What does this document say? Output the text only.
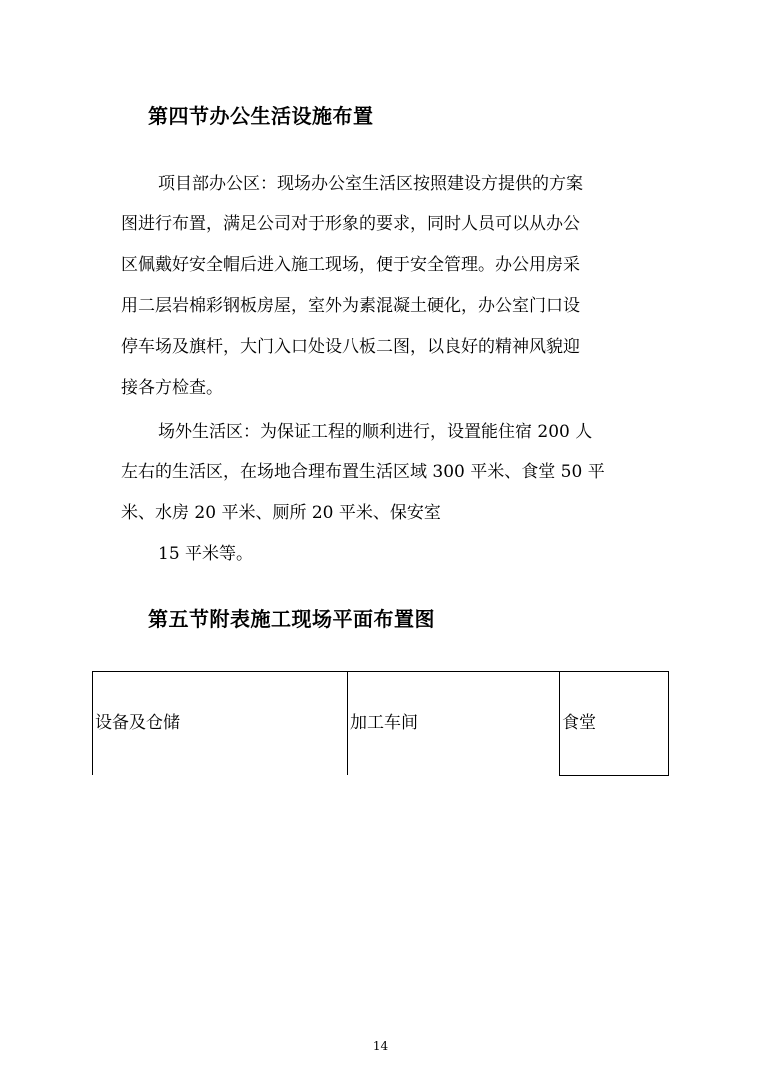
第四节办公生活设施布置
项目部办公区：现场办公室生活区按照建设方提供的方案
图进行布置，满足公司对于形象的要求，同时人员可以从办公
区佩戴好安全帽后进入施工现场，便于安全管理。办公用房采
用二层岩棉彩钢板房屋，室外为素混凝土硬化，办公室门口设
停车场及旗杆，大门入口处设八板二图，以良好的精神风貌迎
接各方检查。
场外生活区：为保证工程的顺利进行，设置能住宿 200 人
左右的生活区，在场地合理布置生活区域 300 平米、食堂 50 平
米、水房 20 平米、厕所 20 平米、保安室
15 平米等。
第五节附表施工现场平面布置图
设备及仓储	加工车间	食堂
14
